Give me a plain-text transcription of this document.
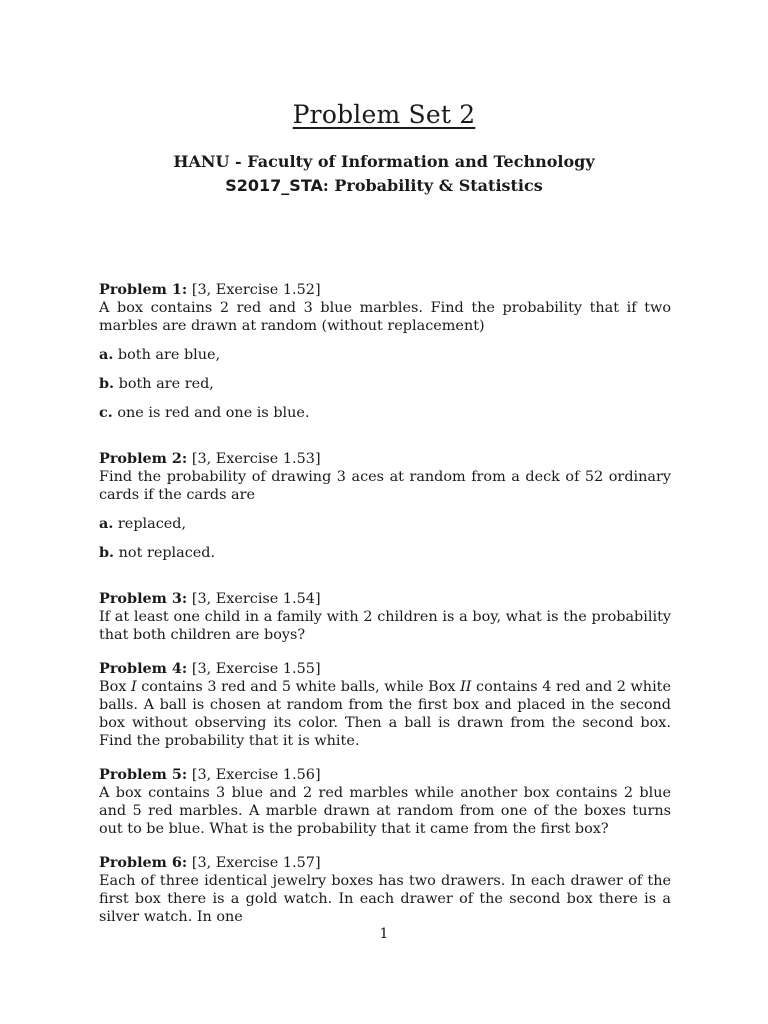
Problem Set 2
HANU - Faculty of Information and Technology
S2017_STA: Probability & Statistics

Problem 1: [3, Exercise 1.52]
A box contains 2 red and 3 blue marbles. Find the probability that if two marbles are drawn at random (without replacement)

a. both are blue,
b. both are red,
c. one is red and one is blue.

Problem 2: [3, Exercise 1.53]
Find the probability of drawing 3 aces at random from a deck of 52 ordinary cards if the cards are

a. replaced,
b. not replaced.

Problem 3: [3, Exercise 1.54]
If at least one child in a family with 2 children is a boy, what is the probability that both children are boys?

Problem 4: [3, Exercise 1.55]
Box I contains 3 red and 5 white balls, while Box II contains 4 red and 2 white balls. A ball is chosen at random from the first box and placed in the second box without observing its color. Then a ball is drawn from the second box. Find the probability that it is white.

Problem 5: [3, Exercise 1.56]
A box contains 3 blue and 2 red marbles while another box contains 2 blue and 5 red marbles. A marble drawn at random from one of the boxes turns out to be blue. What is the probability that it came from the first box?

Problem 6: [3, Exercise 1.57]
Each of three identical jewelry boxes has two drawers. In each drawer of the first box there is a gold watch. In each drawer of the second box there is a silver watch. In one

1
